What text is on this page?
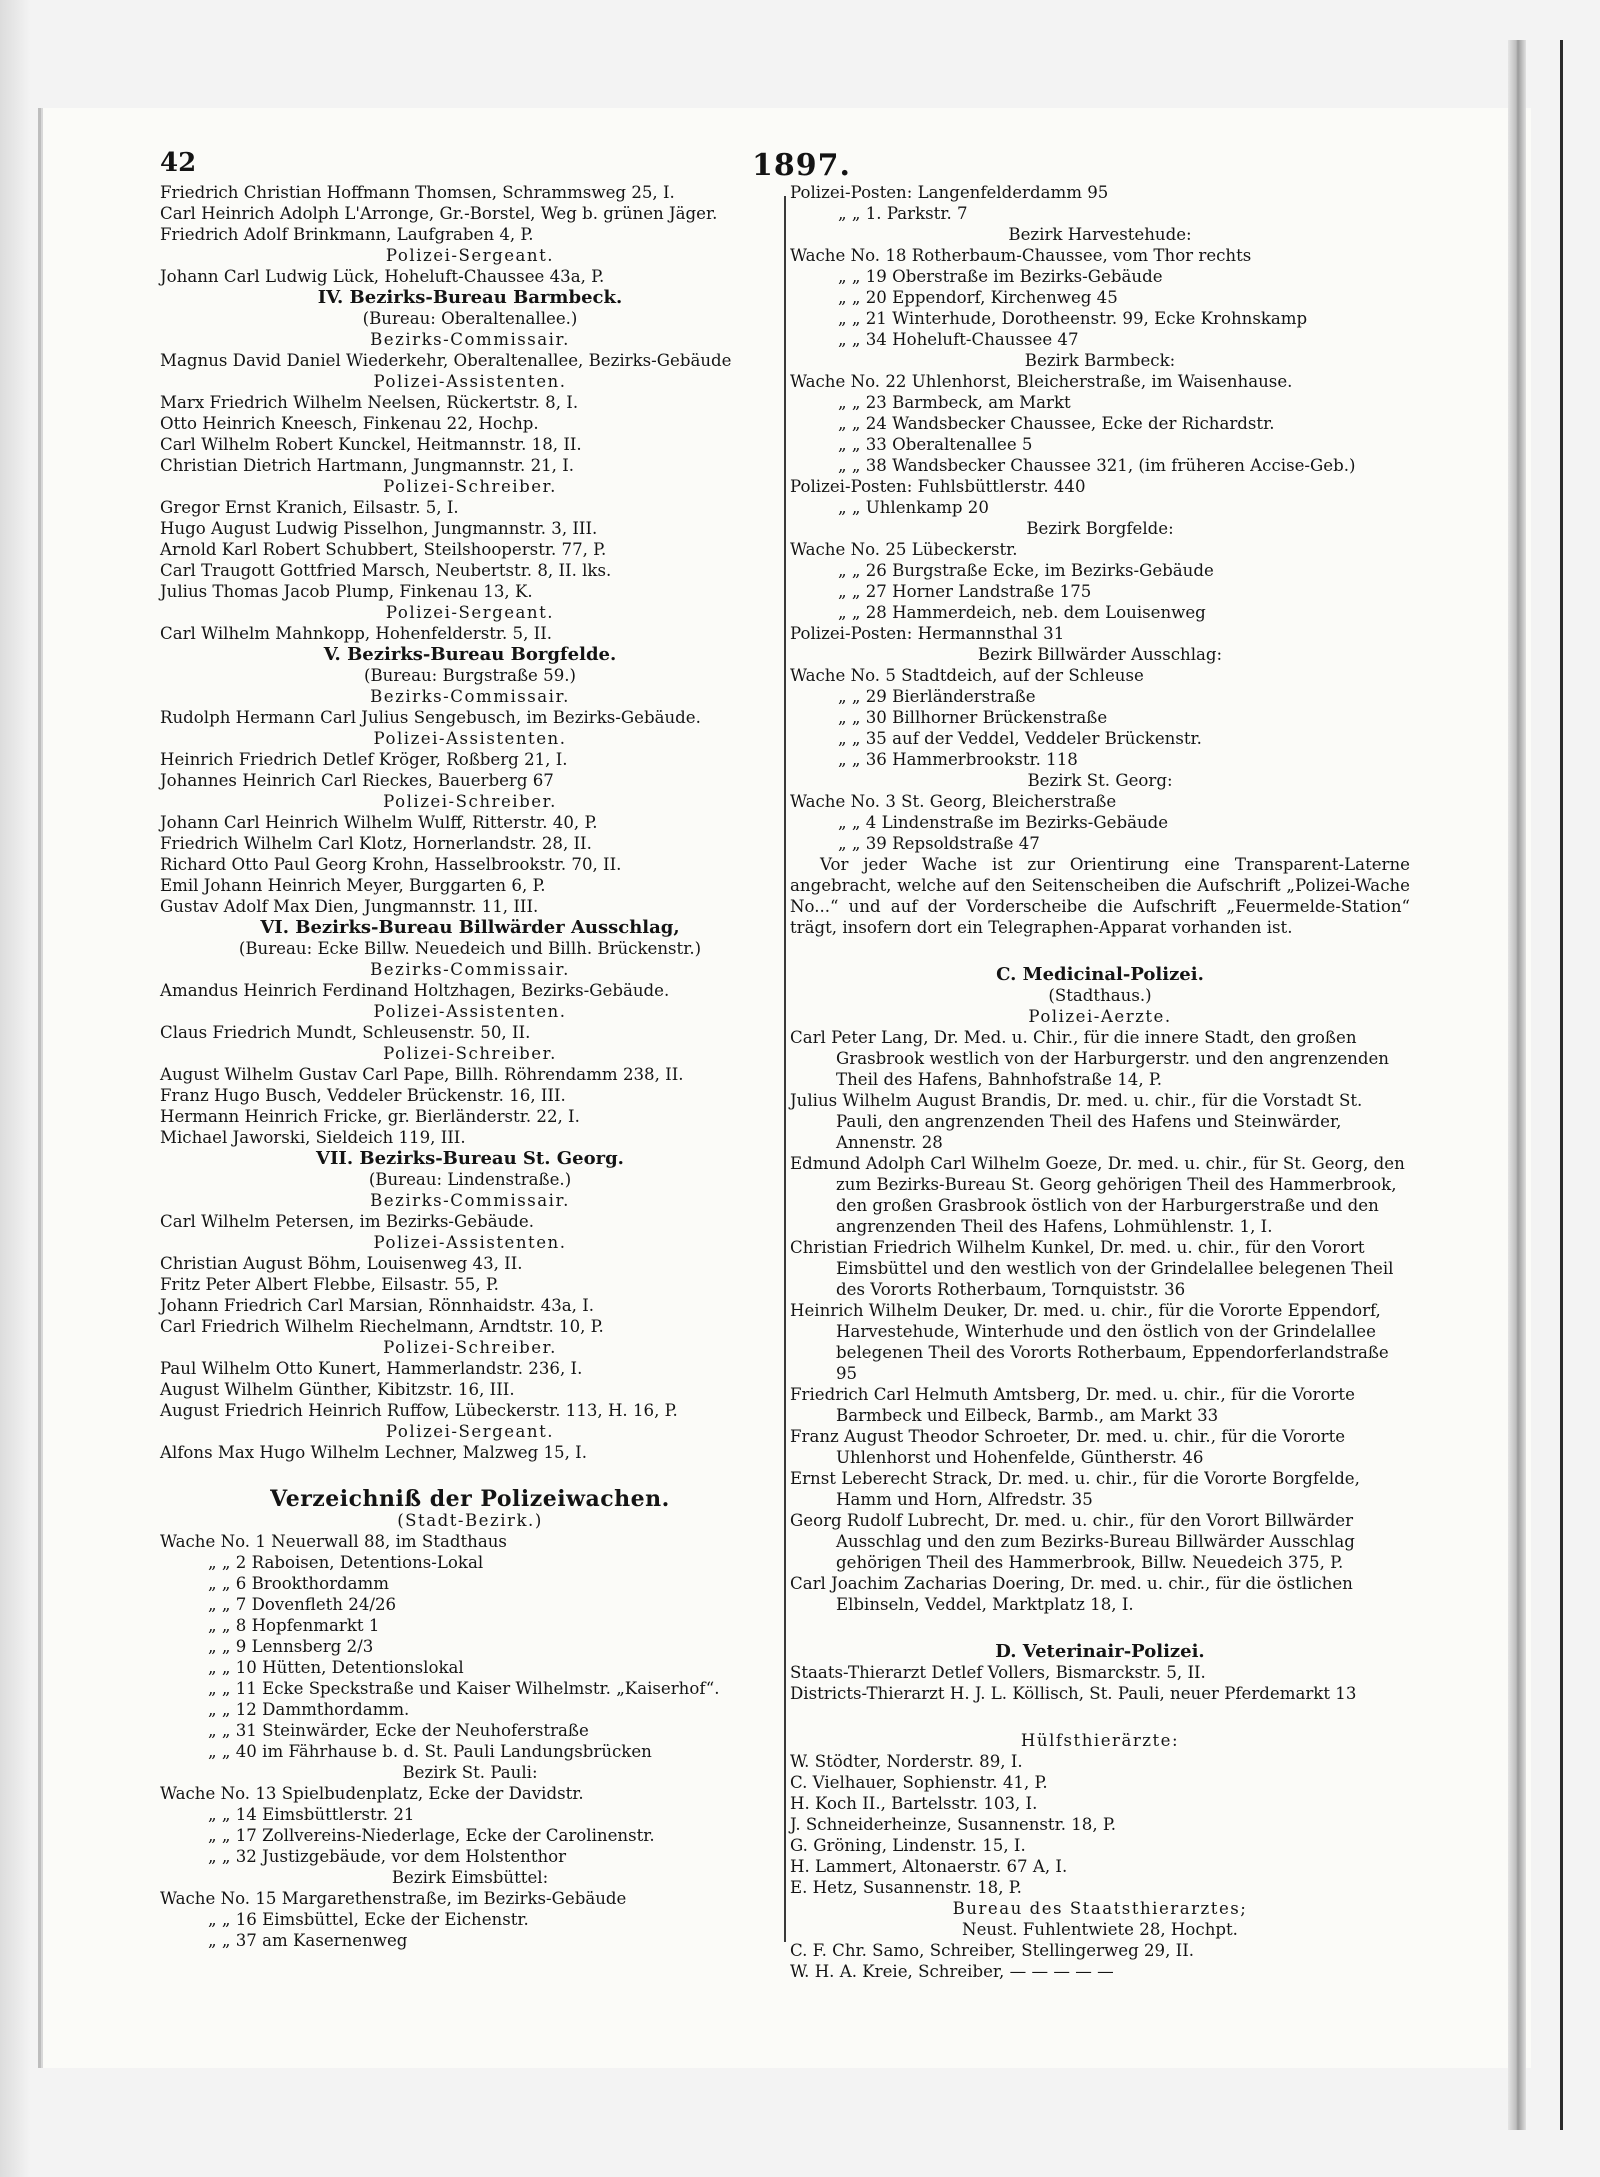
42	1897.
Friedrich Christian Hoffmann Thomsen, Schrammsweg 25, I.
Carl Heinrich Adolph L'Arronge, Gr.-Borstel, Weg b. grünen Jäger.
Friedrich Adolf Brinkmann, Laufgraben 4, P.
Polizei-Sergeant.
Johann Carl Ludwig Lück, Hoheluft-Chaussee 43a, P.
IV. Bezirks-Bureau Barmbeck.
(Bureau: Oberaltenallee.)
Bezirks-Commissair.
Magnus David Daniel Wiederkehr, Oberaltenallee, Bezirks-Gebäude
Polizei-Assistenten.
Marx Friedrich Wilhelm Neelsen, Rückertstr. 8, I.
Otto Heinrich Kneesch, Finkenau 22, Hochp.
Carl Wilhelm Robert Kunckel, Heitmannstr. 18, II.
Christian Dietrich Hartmann, Jungmannstr. 21, I.
Polizei-Schreiber.
Gregor Ernst Kranich, Eilsastr. 5, I.
Hugo August Ludwig Pisselhon, Jungmannstr. 3, III.
Arnold Karl Robert Schubbert, Steilshooperstr. 77, P.
Carl Traugott Gottfried Marsch, Neubertstr. 8, II. lks.
Julius Thomas Jacob Plump, Finkenau 13, K.
Polizei-Sergeant.
Carl Wilhelm Mahnkopp, Hohenfelderstr. 5, II.
V. Bezirks-Bureau Borgfelde.
(Bureau: Burgstraße 59.)
Bezirks-Commissair.
Rudolph Hermann Carl Julius Sengebusch, im Bezirks-Gebäude.
Polizei-Assistenten.
Heinrich Friedrich Detlef Kröger, Roßberg 21, I.
Johannes Heinrich Carl Rieckes, Bauerberg 67
Polizei-Schreiber.
Johann Carl Heinrich Wilhelm Wulff, Ritterstr. 40, P.
Friedrich Wilhelm Carl Klotz, Hornerlandstr. 28, II.
Richard Otto Paul Georg Krohn, Hasselbrookstr. 70, II.
Emil Johann Heinrich Meyer, Burggarten 6, P.
Gustav Adolf Max Dien, Jungmannstr. 11, III.
VI. Bezirks-Bureau Billwärder Ausschlag,
(Bureau: Ecke Billw. Neuedeich und Billh. Brückenstr.)
Bezirks-Commissair.
Amandus Heinrich Ferdinand Holtzhagen, Bezirks-Gebäude.
Polizei-Assistenten.
Claus Friedrich Mundt, Schleusenstr. 50, II.
Polizei-Schreiber.
August Wilhelm Gustav Carl Pape, Billh. Röhrendamm 238, II.
Franz Hugo Busch, Veddeler Brückenstr. 16, III.
Hermann Heinrich Fricke, gr. Bierländerstr. 22, I.
Michael Jaworski, Sieldeich 119, III.
VII. Bezirks-Bureau St. Georg.
(Bureau: Lindenstraße.)
Bezirks-Commissair.
Carl Wilhelm Petersen, im Bezirks-Gebäude.
Polizei-Assistenten.
Christian August Böhm, Louisenweg 43, II.
Fritz Peter Albert Flebbe, Eilsastr. 55, P.
Johann Friedrich Carl Marsian, Rönnhaidstr. 43a, I.
Carl Friedrich Wilhelm Riechelmann, Arndtstr. 10, P.
Polizei-Schreiber.
Paul Wilhelm Otto Kunert, Hammerlandstr. 236, I.
August Wilhelm Günther, Kibitzstr. 16, III.
August Friedrich Heinrich Ruffow, Lübeckerstr. 113, H. 16, P.
Polizei-Sergeant.
Alfons Max Hugo Wilhelm Lechner, Malzweg 15, I.
Verzeichniß der Polizeiwachen.
(Stadt-Bezirk.)
Wache No. 1 Neuerwall 88, im Stadthaus
„ „ 2 Raboisen, Detentions-Lokal
„ „ 6 Brookthordamm
„ „ 7 Dovenfleth 24/26
„ „ 8 Hopfenmarkt 1
„ „ 9 Lennsberg 2/3
„ „ 10 Hütten, Detentionslokal
„ „ 11 Ecke Speckstraße und Kaiser Wilhelmstr. „Kaiserhof“.
„ „ 12 Dammthordamm.
„ „ 31 Steinwärder, Ecke der Neuhoferstraße
„ „ 40 im Fährhause b. d. St. Pauli Landungsbrücken
Bezirk St. Pauli:
Wache No. 13 Spielbudenplatz, Ecke der Davidstr.
„ „ 14 Eimsbüttlerstr. 21
„ „ 17 Zollvereins-Niederlage, Ecke der Carolinenstr.
„ „ 32 Justizgebäude, vor dem Holstenthor
Bezirk Eimsbüttel:
Wache No. 15 Margarethenstraße, im Bezirks-Gebäude
„ „ 16 Eimsbüttel, Ecke der Eichenstr.
„ „ 37 am Kasernenweg
Polizei-Posten: Langenfelderdamm 95
„ „ 1. Parkstr. 7
Bezirk Harvestehude:
Wache No. 18 Rotherbaum-Chaussee, vom Thor rechts
„ „ 19 Oberstraße im Bezirks-Gebäude
„ „ 20 Eppendorf, Kirchenweg 45
„ „ 21 Winterhude, Dorotheenstr. 99, Ecke Krohnskamp
„ „ 34 Hoheluft-Chaussee 47
Bezirk Barmbeck:
Wache No. 22 Uhlenhorst, Bleicherstraße, im Waisenhause.
„ „ 23 Barmbeck, am Markt
„ „ 24 Wandsbecker Chaussee, Ecke der Richardstr.
„ „ 33 Oberaltenallee 5
„ „ 38 Wandsbecker Chaussee 321, (im früheren Accise-Geb.)
Polizei-Posten: Fuhlsbüttlerstr. 440
„ „ Uhlenkamp 20
Bezirk Borgfelde:
Wache No. 25 Lübeckerstr.
„ „ 26 Burgstraße Ecke, im Bezirks-Gebäude
„ „ 27 Horner Landstraße 175
„ „ 28 Hammerdeich, neb. dem Louisenweg
Polizei-Posten: Hermannsthal 31
Bezirk Billwärder Ausschlag:
Wache No. 5 Stadtdeich, auf der Schleuse
„ „ 29 Bierländerstraße
„ „ 30 Billhorner Brückenstraße
„ „ 35 auf der Veddel, Veddeler Brückenstr.
„ „ 36 Hammerbrookstr. 118
Bezirk St. Georg:
Wache No. 3 St. Georg, Bleicherstraße
„ „ 4 Lindenstraße im Bezirks-Gebäude
„ „ 39 Repsoldstraße 47
Vor jeder Wache ist zur Orientirung eine Transparent-Laterne angebracht, welche auf den Seitenscheiben die Aufschrift „Polizei-Wache No...“ und auf der Vorderscheibe die Aufschrift „Feuermelde-Station“ trägt, insofern dort ein Telegraphen-Apparat vorhanden ist.
C. Medicinal-Polizei.
(Stadthaus.)
Polizei-Aerzte.
Carl Peter Lang, Dr. Med. u. Chir., für die innere Stadt, den großen Grasbrook westlich von der Harburgerstr. und den angrenzenden Theil des Hafens, Bahnhofstraße 14, P.
Julius Wilhelm August Brandis, Dr. med. u. chir., für die Vorstadt St. Pauli, den angrenzenden Theil des Hafens und Steinwärder, Annenstr. 28
Edmund Adolph Carl Wilhelm Goeze, Dr. med. u. chir., für St. Georg, den zum Bezirks-Bureau St. Georg gehörigen Theil des Hammerbrook, den großen Grasbrook östlich von der Harburgerstraße und den angrenzenden Theil des Hafens, Lohmühlenstr. 1, I.
Christian Friedrich Wilhelm Kunkel, Dr. med. u. chir., für den Vorort Eimsbüttel und den westlich von der Grindelallee belegenen Theil des Vororts Rotherbaum, Tornquiststr. 36
Heinrich Wilhelm Deuker, Dr. med. u. chir., für die Vororte Eppendorf, Harvestehude, Winterhude und den östlich von der Grindelallee belegenen Theil des Vororts Rotherbaum, Eppendorferlandstraße 95
Friedrich Carl Helmuth Amtsberg, Dr. med. u. chir., für die Vororte Barmbeck und Eilbeck, Barmb., am Markt 33
Franz August Theodor Schroeter, Dr. med. u. chir., für die Vororte Uhlenhorst und Hohenfelde, Güntherstr. 46
Ernst Leberecht Strack, Dr. med. u. chir., für die Vororte Borgfelde, Hamm und Horn, Alfredstr. 35
Georg Rudolf Lubrecht, Dr. med. u. chir., für den Vorort Billwärder Ausschlag und den zum Bezirks-Bureau Billwärder Ausschlag gehörigen Theil des Hammerbrook, Billw. Neuedeich 375, P.
Carl Joachim Zacharias Doering, Dr. med. u. chir., für die östlichen Elbinseln, Veddel, Marktplatz 18, I.
D. Veterinair-Polizei.
Staats-Thierarzt Detlef Vollers, Bismarckstr. 5, II.
Districts-Thierarzt H. J. L. Köllisch, St. Pauli, neuer Pferdemarkt 13
Hülfsthierärzte:
W. Stödter, Norderstr. 89, I.
C. Vielhauer, Sophienstr. 41, P.
H. Koch II., Bartelsstr. 103, I.
J. Schneiderheinze, Susannenstr. 18, P.
G. Gröning, Lindenstr. 15, I.
H. Lammert, Altonaerstr. 67 A, I.
E. Hetz, Susannenstr. 18, P.
Bureau des Staatsthierarztes;
Neust. Fuhlentwiete 28, Hochpt.
C. F. Chr. Samo, Schreiber, Stellingerweg 29, II.
W. H. A. Kreie, Schreiber, — — — — —
